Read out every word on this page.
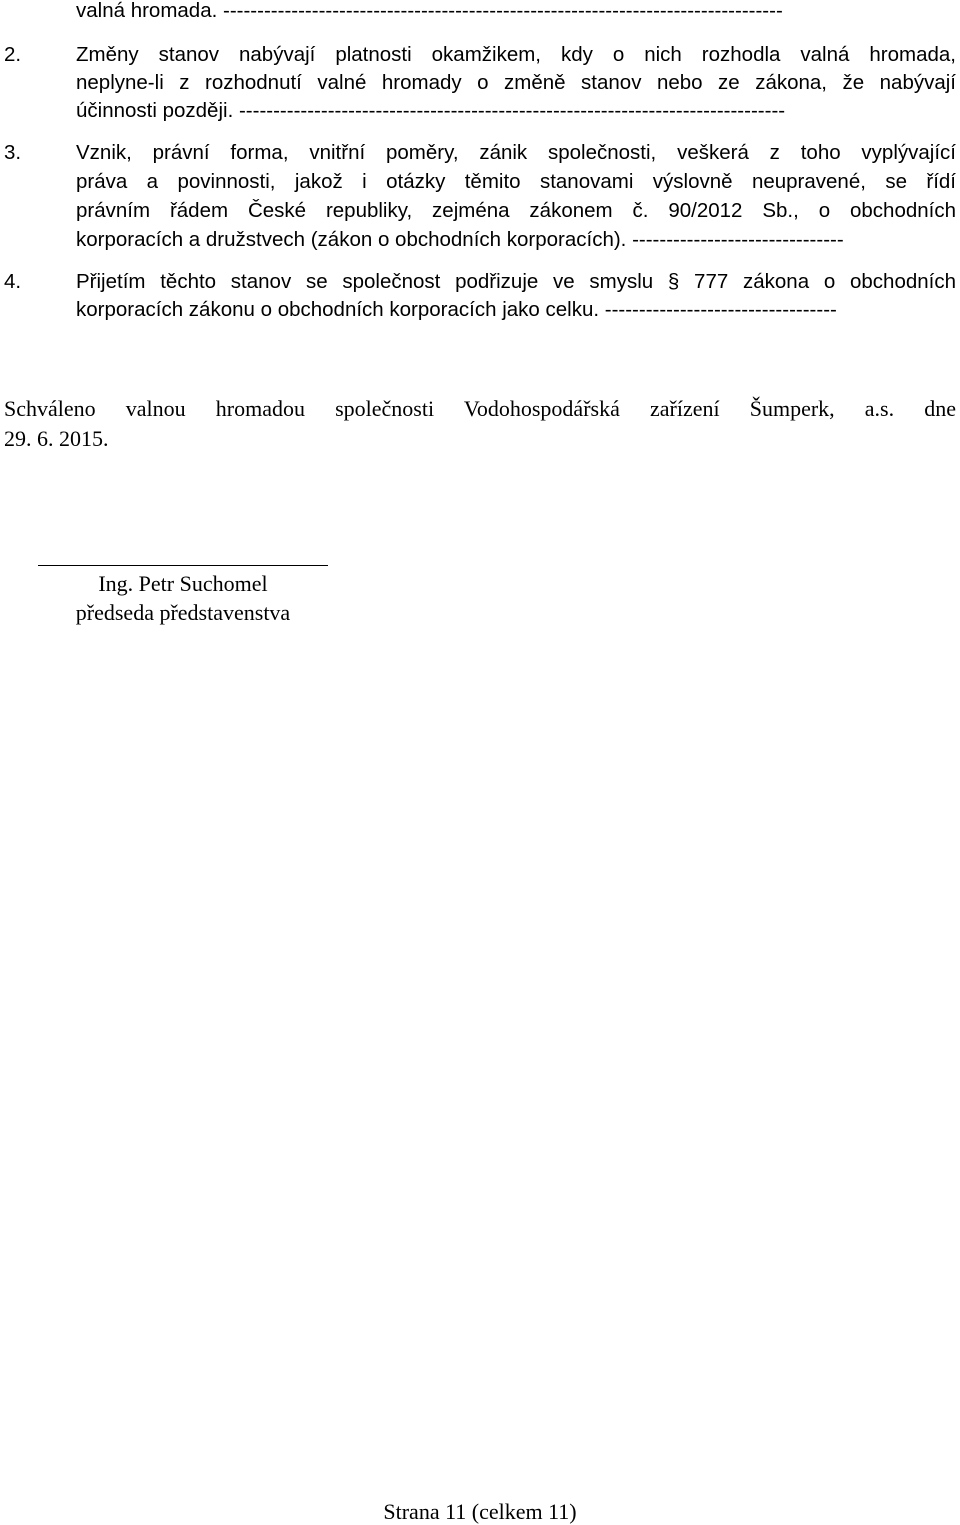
valná hromada. ----------------------------------------------------------------------------------
2.	Změny stanov nabývají platnosti okamžikem, kdy o nich rozhodla valná hromada,
neplyne-li z rozhodnutí valné hromady o změně stanov nebo ze zákona, že nabývají
účinnosti později. --------------------------------------------------------------------------------
3.	Vznik, právní forma, vnitřní poměry, zánik společnosti, veškerá z toho vyplývající
práva a povinnosti, jakož i otázky těmito stanovami výslovně neupravené, se řídí
právním řádem České republiky, zejména zákonem č. 90/2012 Sb., o obchodních
korporacích a družstvech (zákon o obchodních korporacích). -------------------------------
4.	Přijetím těchto stanov se společnost podřizuje ve smyslu § 777 zákona o obchodních
korporacích zákonu o obchodních korporacích jako celku. ----------------------------------
Schváleno valnou hromadou společnosti Vodohospodářská zařízení Šumperk, a.s. dne
29. 6. 2015.
Ing. Petr Suchomel
předseda představenstva
Strana 11 (celkem 11)
